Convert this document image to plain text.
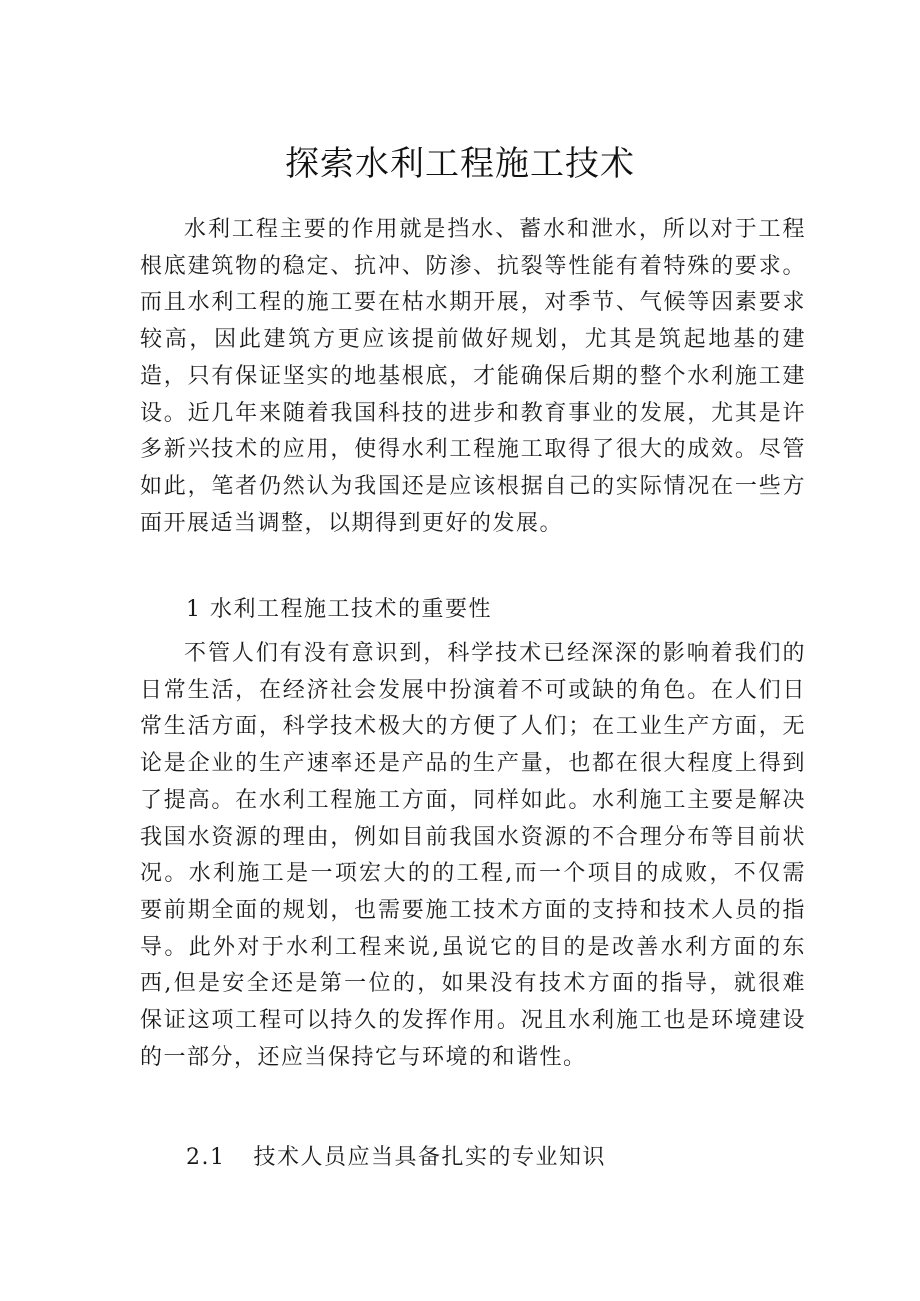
探索水利工程施工技术

水利工程主要的作用就是挡水、蓄水和泄水，所以对于工程根底建筑物的稳定、抗冲、防渗、抗裂等性能有着特殊的要求。而且水利工程的施工要在枯水期开展，对季节、气候等因素要求较高，因此建筑方更应该提前做好规划，尤其是筑起地基的建造，只有保证坚实的地基根底，才能确保后期的整个水利施工建设。近几年来随着我国科技的进步和教育事业的发展，尤其是许多新兴技术的应用，使得水利工程施工取得了很大的成效。尽管如此，笔者仍然认为我国还是应该根据自己的实际情况在一些方面开展适当调整，以期得到更好的发展。

1 水利工程施工技术的重要性

不管人们有没有意识到，科学技术已经深深的影响着我们的日常生活，在经济社会发展中扮演着不可或缺的角色。在人们日常生活方面，科学技术极大的方便了人们；在工业生产方面，无论是企业的生产速率还是产品的生产量，也都在很大程度上得到了提高。在水利工程施工方面，同样如此。水利施工主要是解决我国水资源的理由，例如目前我国水资源的不合理分布等目前状况。水利施工是一项宏大的的工程,而一个项目的成败，不仅需要前期全面的规划，也需要施工技术方面的支持和技术人员的指导。此外对于水利工程来说,虽说它的目的是改善水利方面的东西,但是安全还是第一位的，如果没有技术方面的指导，就很难保证这项工程可以持久的发挥作用。况且水利施工也是环境建设的一部分，还应当保持它与环境的和谐性。

2.1 技术人员应当具备扎实的专业知识
